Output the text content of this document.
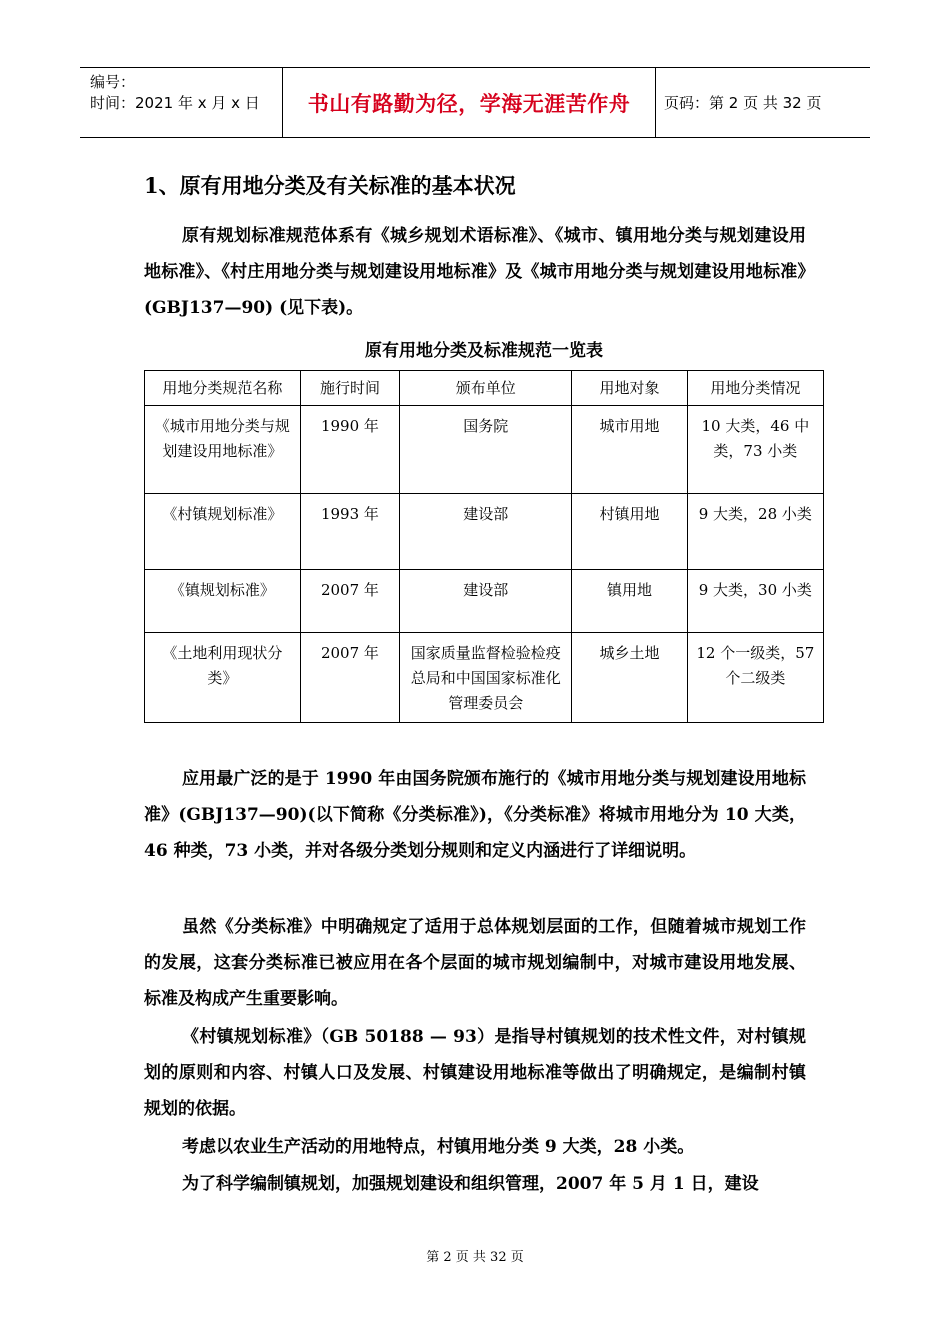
编号：
时间：2021 年 x 月 x 日 书山有路勤为径，学海无涯苦作舟	页码：第 2 页 共 32 页
1、原有用地分类及有关标准的基本状况

原有规划标准规范体系有《城乡规划术语标准》、《城市、镇用地分类与规划建设用地标准》、《村庄用地分类与规划建设用地标准》及《城市用地分类与规划建设用地标准》(GBJ137—90) (见下表)。

原有用地分类及标准规范一览表
用地分类规范名称	施行时间	颁布单位	用地对象	用地分类情况
《城市用地分类与规划建设用地标准》	1990 年	国务院	城市用地	10 大类，46 中类，73 小类
《村镇规划标准》	1993 年	建设部	村镇用地	9 大类，28 小类
《镇规划标准》	2007 年	建设部	镇用地	9 大类，30 小类
《土地利用现状分类》	2007 年	国家质量监督检验检疫总局和中国国家标准化管理委员会	城乡土地	12 个一级类，57 个二级类

应用最广泛的是于 1990 年由国务院颁布施行的《城市用地分类与规划建设用地标准》(GBJ137—90)(以下简称《分类标准》)，《分类标准》将城市用地分为 10 大类，46 种类，73 小类，并对各级分类划分规则和定义内涵进行了详细说明。

虽然《分类标准》中明确规定了适用于总体规划层面的工作，但随着城市规划工作的发展，这套分类标准已被应用在各个层面的城市规划编制中，对城市建设用地发展、标准及构成产生重要影响。

《村镇规划标准》（GB 50188 — 93）是指导村镇规划的技术性文件，对村镇规划的原则和内容、村镇人口及发展、村镇建设用地标准等做出了明确规定，是编制村镇规划的依据。

考虑以农业生产活动的用地特点，村镇用地分类 9 大类，28 小类。

为了科学编制镇规划，加强规划建设和组织管理，2007 年 5 月 1 日，建设

第 2 页 共 32 页
